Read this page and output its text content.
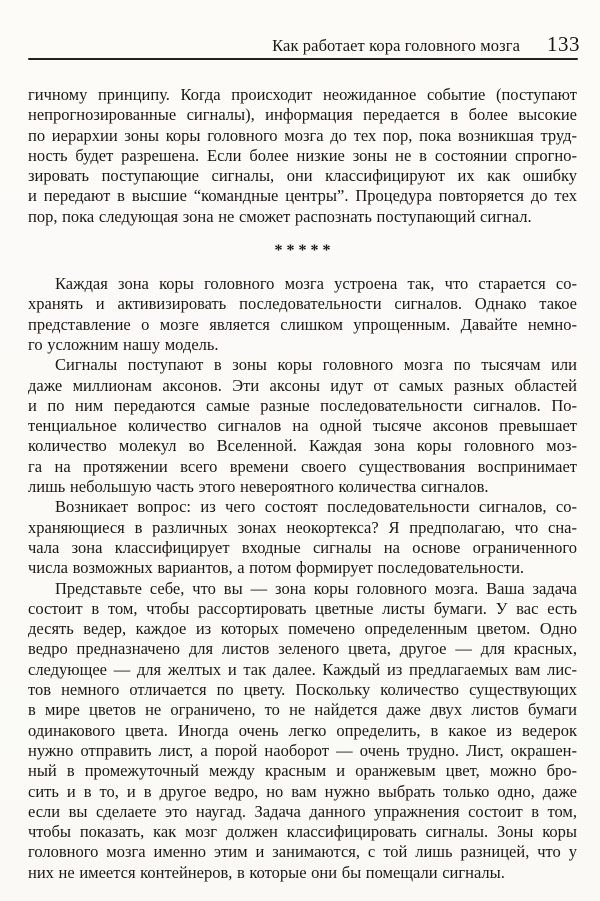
Как работает кора головного мозга 133
гичному принципу. Когда происходит неожиданное событие (поступают
непрогнозированные сигналы), информация передается в более высокие
по иерархии зоны коры головного мозга до тех пор, пока возникшая труд-
ность будет разрешена. Если более низкие зоны не в состоянии спрогно-
зировать поступающие сигналы, они классифицируют их как ошибку
и передают в высшие “командные центры”. Процедура повторяется до тех
пор, пока следующая зона не сможет распознать поступающий сигнал.
*****
Каждая зона коры головного мозга устроена так, что старается со-
хранять и активизировать последовательности сигналов. Однако такое
представление о мозге является слишком упрощенным. Давайте немно-
го усложним нашу модель.
Сигналы поступают в зоны коры головного мозга по тысячам или
даже миллионам аксонов. Эти аксоны идут от самых разных областей
и по ним передаются самые разные последовательности сигналов. По-
тенциальное количество сигналов на одной тысяче аксонов превышает
количество молекул во Вселенной. Каждая зона коры головного моз-
га на протяжении всего времени своего существования воспринимает
лишь небольшую часть этого невероятного количества сигналов.
Возникает вопрос: из чего состоят последовательности сигналов, со-
храняющиеся в различных зонах неокортекса? Я предполагаю, что сна-
чала зона классифицирует входные сигналы на основе ограниченного
числа возможных вариантов, а потом формирует последовательности.
Представьте себе, что вы — зона коры головного мозга. Ваша задача
состоит в том, чтобы рассортировать цветные листы бумаги. У вас есть
десять ведер, каждое из которых помечено определенным цветом. Одно
ведро предназначено для листов зеленого цвета, другое — для красных,
следующее — для желтых и так далее. Каждый из предлагаемых вам лис-
тов немного отличается по цвету. Поскольку количество существующих
в мире цветов не ограничено, то не найдется даже двух листов бумаги
одинакового цвета. Иногда очень легко определить, в какое из ведерок
нужно отправить лист, а порой наоборот — очень трудно. Лист, окрашен-
ный в промежуточный между красным и оранжевым цвет, можно бро-
сить и в то, и в другое ведро, но вам нужно выбрать только одно, даже
если вы сделаете это наугад. Задача данного упражнения состоит в том,
чтобы показать, как мозг должен классифицировать сигналы. Зоны коры
головного мозга именно этим и занимаются, с той лишь разницей, что у
них не имеется контейнеров, в которые они бы помещали сигналы.
